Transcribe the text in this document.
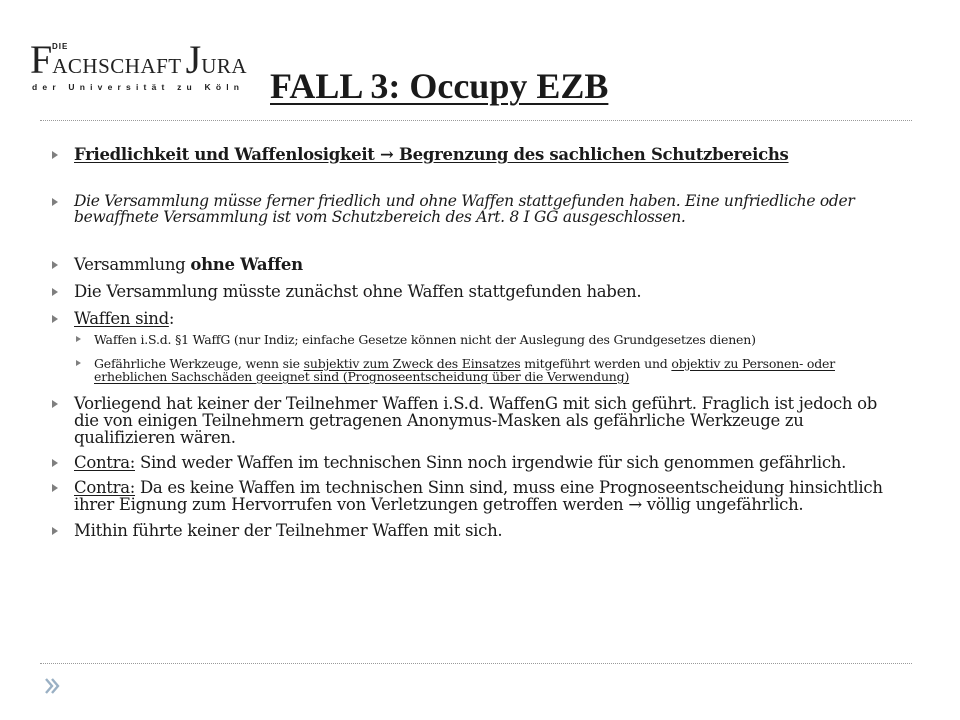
FACHSCHAFT JURA
DIE
der Universität zu Köln FALL 3: Occupy EZB
Friedlichkeit und Waffenlosigkeit → Begrenzung des sachlichen Schutzbereichs
Die Versammlung müsse ferner friedlich und ohne Waffen stattgefunden haben. Eine unfriedliche oder bewaffnete Versammlung ist vom Schutzbereich des Art. 8 I GG ausgeschlossen.
Versammlung ohne Waffen
Die Versammlung müsste zunächst ohne Waffen stattgefunden haben.
Waffen sind:
Waffen i.S.d. §1 WaffG (nur Indiz; einfache Gesetze können nicht der Auslegung des Grundgesetzes dienen)
Gefährliche Werkzeuge, wenn sie subjektiv zum Zweck des Einsatzes mitgeführt werden und objektiv zu Personen- oder erheblichen Sachschäden geeignet sind (Prognoseentscheidung über die Verwendung)
Vorliegend hat keiner der Teilnehmer Waffen i.S.d. WaffenG mit sich geführt. Fraglich ist jedoch ob die von einigen Teilnehmern getragenen Anonymus-Masken als gefährliche Werkzeuge zu qualifizieren wären.
Contra: Sind weder Waffen im technischen Sinn noch irgendwie für sich genommen gefährlich.
Contra: Da es keine Waffen im technischen Sinn sind, muss eine Prognoseentscheidung hinsichtlich ihrer Eignung zum Hervorrufen von Verletzungen getroffen werden → völlig ungefährlich.
Mithin führte keiner der Teilnehmer Waffen mit sich.
